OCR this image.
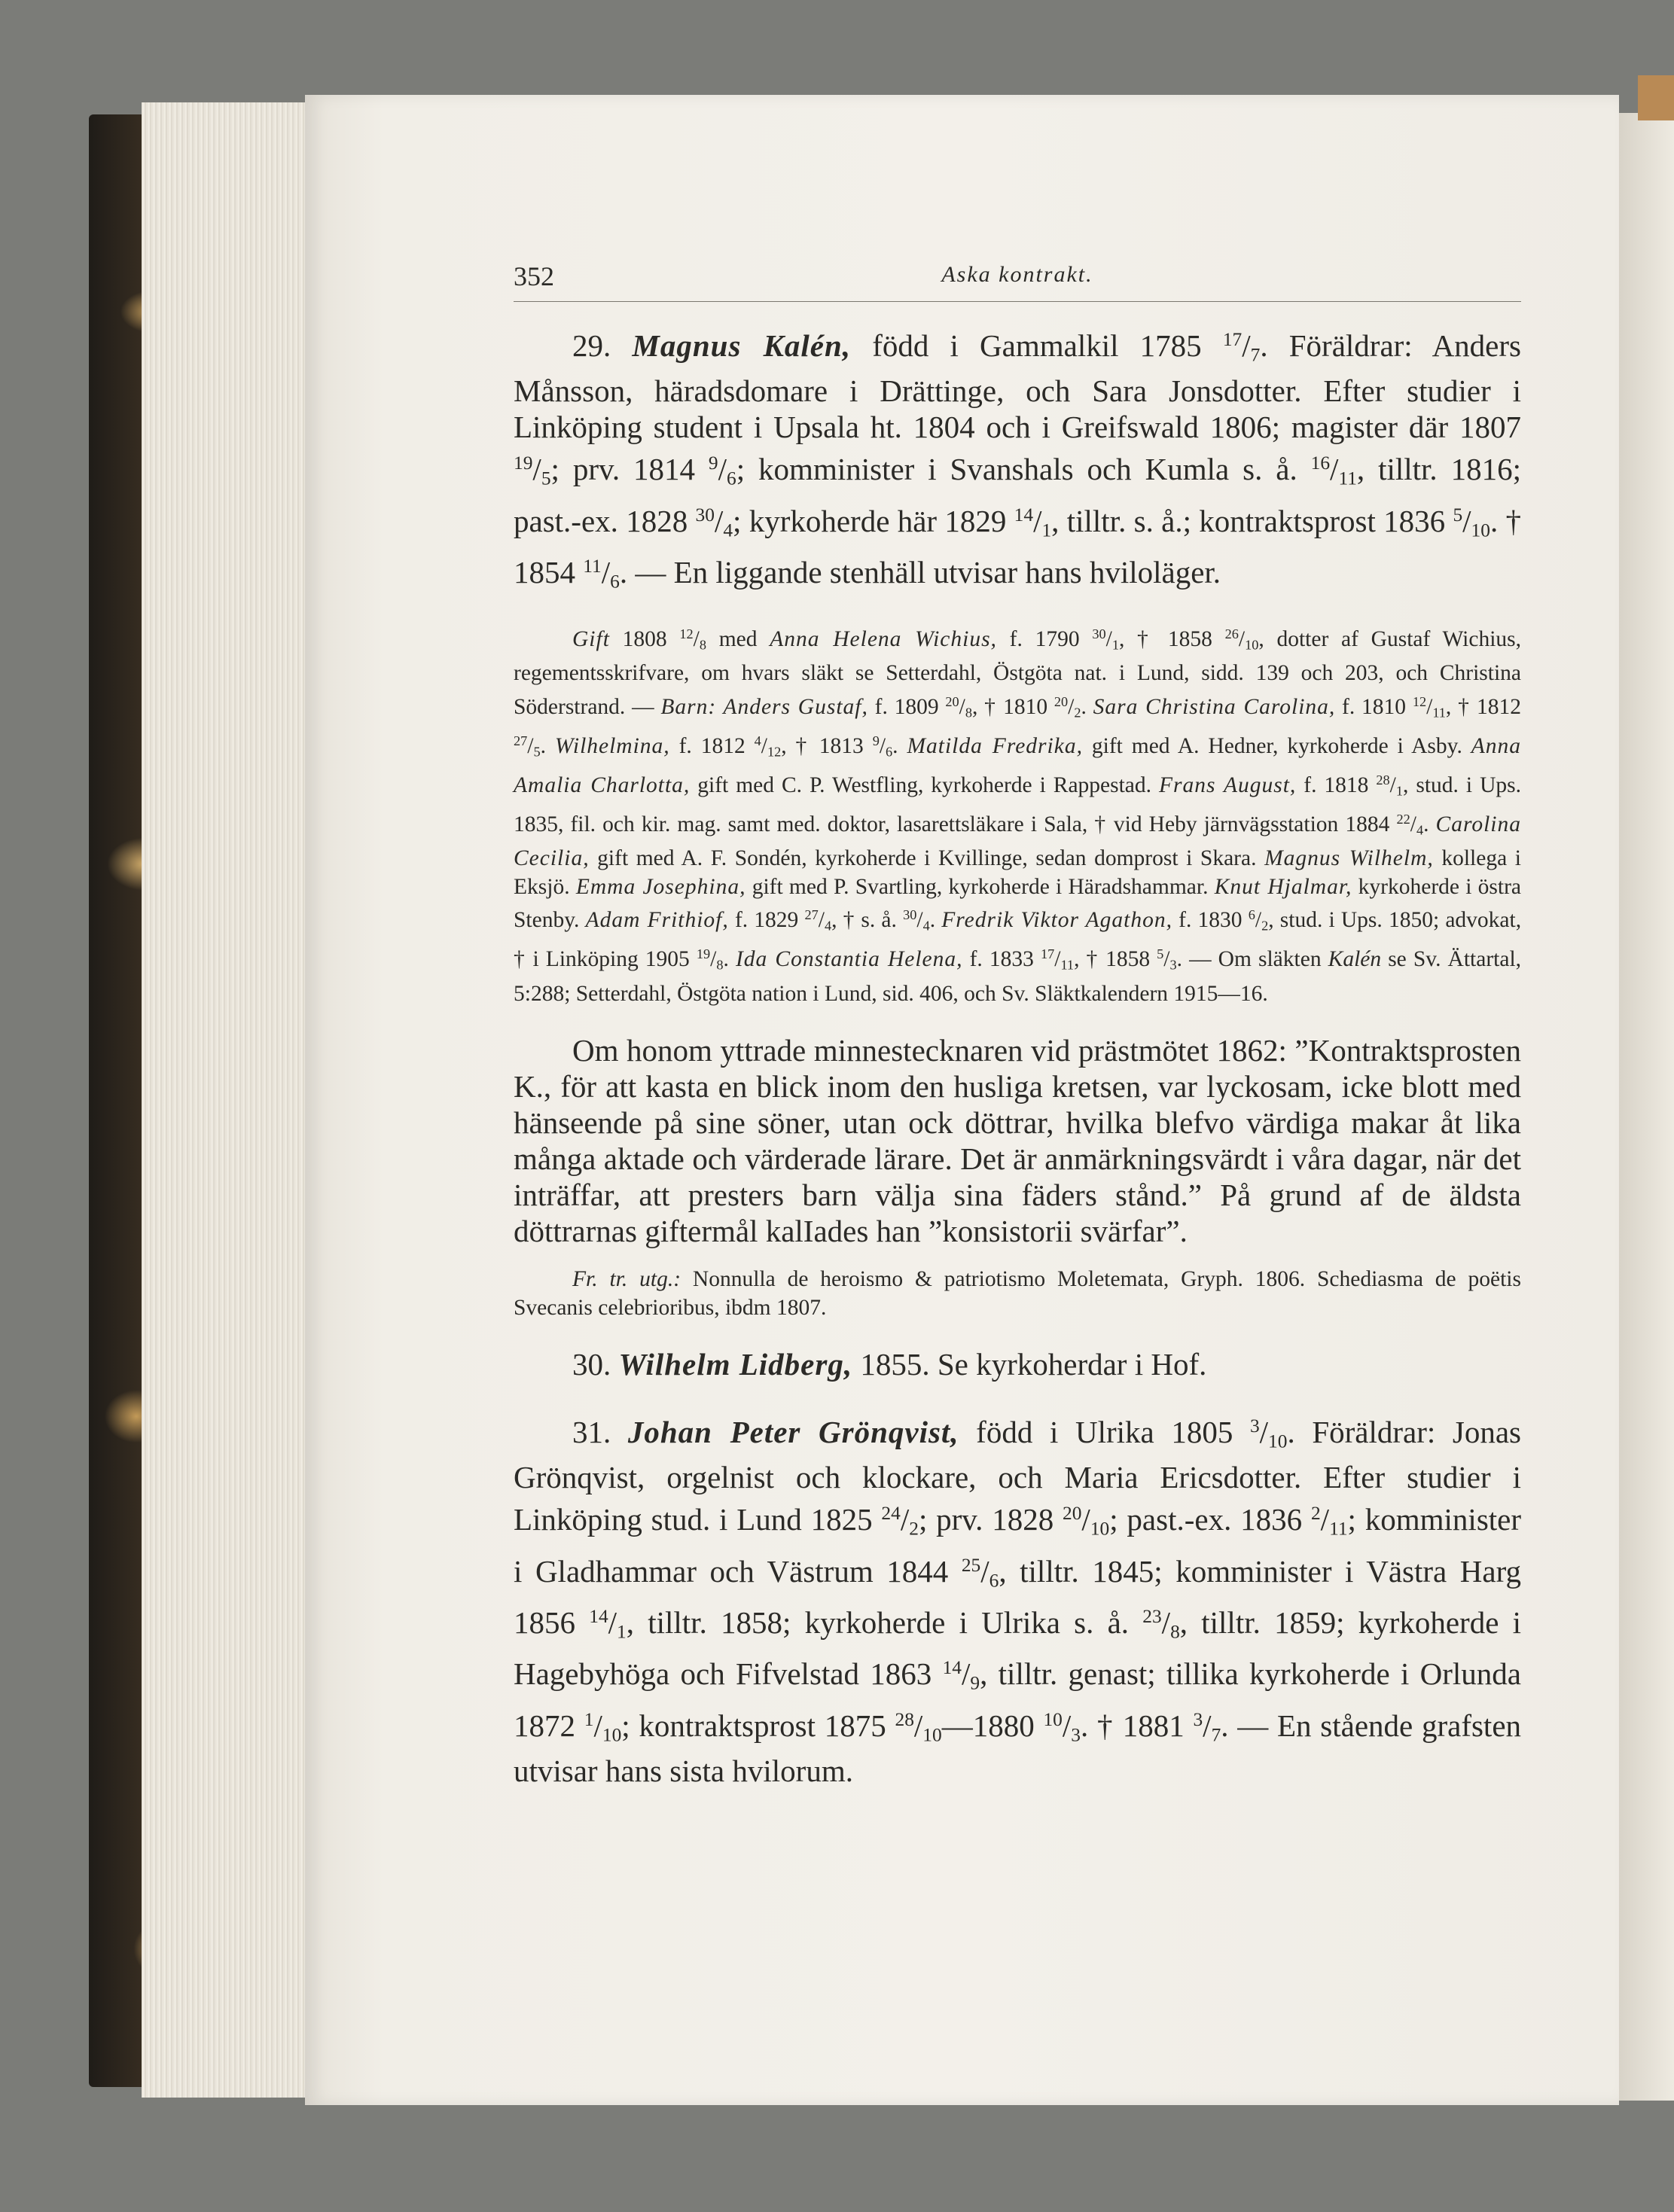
352	Aska kontrakt.

29. Magnus Kalén, född i Gammalkil 1785 $^{17}/_7$. Föräldrar: Anders Månsson, häradsdomare i Drättinge, och Sara Jonsdotter. Efter studier i Linköping student i Upsala ht. 1804 och i Greifswald 1806; magister där 1807 $^{19}/_5$; prv. 1814 $^9/_6$; komminister i Svanshals och Kumla s. å. $^{16}/_{11}$, tilltr. 1816; past.-ex. 1828 $^{30}/_4$; kyrkoherde här 1829 $^{14}/_1$, tilltr. s. å.; kontraktsprost 1836 $^5/_{10}$. † 1854 $^{11}/_6$. — En liggande stenhäll utvisar hans hviloläger.

Gift 1808 $^{12}/_8$ med Anna Helena Wichius, f. 1790 $^{30}/_1$, † 1858 $^{26}/_{10}$, dotter af Gustaf Wichius, regementsskrifvare, om hvars släkt se Setterdahl, Östgöta nat. i Lund, sidd. 139 och 203, och Christina Söderstrand. — Barn: Anders Gustaf, f. 1809 $^{20}/_8$, † 1810 $^{20}/_2$. Sara Christina Carolina, f. 1810 $^{12}/_{11}$, † 1812 $^{27}/_5$. Wilhelmina, f. 1812 $^4/_{12}$, † 1813 $^9/_6$. Matilda Fredrika, gift med A. Hedner, kyrkoherde i Asby. Anna Amalia Charlotta, gift med C. P. Westfling, kyrkoherde i Rappestad. Frans August, f. 1818 $^{28}/_1$, stud. i Ups. 1835, fil. och kir. mag. samt med. doktor, lasarettsläkare i Sala, † vid Heby järnvägsstation 1884 $^{22}/_4$. Carolina Cecilia, gift med A. F. Sondén, kyrkoherde i Kvillinge, sedan domprost i Skara. Magnus Wilhelm, kollega i Eksjö. Emma Josephina, gift med P. Svartling, kyrkoherde i Häradshammar. Knut Hjalmar, kyrkoherde i östra Stenby. Adam Frithiof, f. 1829 $^{27}/_4$, † s. å. $^{30}/_4$. Fredrik Viktor Agathon, f. 1830 $^6/_2$, stud. i Ups. 1850; advokat, † i Linköping 1905 $^{19}/_8$. Ida Constantia Helena, f. 1833 $^{17}/_{11}$, † 1858 $^5/_3$. — Om släkten Kalén se Sv. Ättartal, 5:288; Setterdahl, Östgöta nation i Lund, sid. 406, och Sv. Släktkalendern 1915—16.

Om honom yttrade minnestecknaren vid prästmötet 1862: ”Kontraktsprosten K., för att kasta en blick inom den husliga kretsen, var lyckosam, icke blott med hänseende på sine söner, utan ock döttrar, hvilka blefvo värdiga makar åt lika många aktade och värderade lärare. Det är anmärkningsvärdt i våra dagar, när det inträffar, att presters barn välja sina fäders stånd.” På grund af de äldsta döttrarnas giftermål kalIades han ”konsistorii svärfar”.

Fr. tr. utg.: Nonnulla de heroismo & patriotismo Moletemata, Gryph. 1806. Schediasma de poëtis Svecanis celebrioribus, ibdm 1807.

30. Wilhelm Lidberg, 1855. Se kyrkoherdar i Hof.

31. Johan Peter Grönqvist, född i Ulrika 1805 $^3/_{10}$. Föräldrar: Jonas Grönqvist, orgelnist och klockare, och Maria Ericsdotter. Efter studier i Linköping stud. i Lund 1825 $^{24}/_2$; prv. 1828 $^{20}/_{10}$; past.-ex. 1836 $^2/_{11}$; komminister i Gladhammar och Västrum 1844 $^{25}/_6$, tilltr. 1845; komminister i Västra Harg 1856 $^{14}/_1$, tilltr. 1858; kyrkoherde i Ulrika s. å. $^{23}/_8$, tilltr. 1859; kyrkoherde i Hagebyhöga och Fifvelstad 1863 $^{14}/_9$, tilltr. genast; tillika kyrkoherde i Orlunda 1872 $^1/_{10}$; kontraktsprost 1875 $^{28}/_{10}—1880$ $^{10}/_3$. † 1881 $^3/_7$. — En stående grafsten utvisar hans sista hvilorum.
